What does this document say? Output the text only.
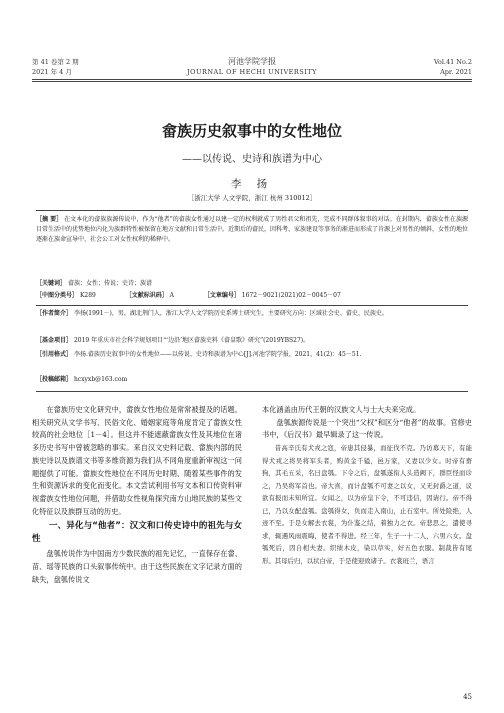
第 41 卷第 2 期
2021 年 4 月
河池学院学报
JOURNAL OF HECHI UNIVERSITY
Vol.41 No.2
Apr. 2021
畲族历史叙事中的女性地位
——以传说、史诗和族谱为中心
李 扬
［浙江大学 人文学院，浙江 杭州 310012］
［摘 要］ 在文本化的畲族族源传说中，作为“他者”的畲族女性通过以建一定的权利就成了男性君父和祖先，完成不同群体叙事的对话。在封期内，畲族女性在族源目常生活中的优势地位内化为族群特性被保留在地方文献和日常生活中。近期后的畲民，因科考、家族建设等事务的渐进而形成了肯源上对男性的倾斜，女性的地位逐渐在族命宣导中、社会公工对女性权利的稀释中。
［关键词］ 畲族；女性；传说；史诗；族谱
［中图分类号］ K289	［文献标识码］ A	［文章编号］ 1672－9021(2021)02－0045－07
［作者简介］ 李扬(1991－)，男，湖北荆门人，浙江大学人文学院历史系博士研究生，主要研究方向：区域社会史、畲史、民族史。
［基金项目］ 2019 年重庆市社会科学规划项目“‘边沿’地区畲族史料《畲皇歌》研究”(2019YBS27)。
［引用格式］ 李扬.畲族历史叙事中的女性地位——以传说、史诗和族谱为中心[J].河池学院学报，2021，41(2)：45－51.
［投稿邮箱］ hcxyxb@163.com

在畲族历史文化研究中，畲族女性地位是常常被提及的话题。相关研究从文学书写、民俗文化、婚姻家庭等角度肯定了畲族女性较高的社会地位［1－4］。但这并不能遮蔽畲族女性及其地位在诸多历史书写中曾被忽略的事实。来自汉文史料记载、畲族内部的民族史诗以及族谱文书等多维资源为我们从不同角度重新审视这一问题提供了可能。畲族女性地位在不同历史时期、随着某些事件的发生和资源诉求的变化而变化。本文尝试利用书写文本和口传资料审视畲族女性地位问题，并借助女性视角探究南方山地民族的某些文化特征以及族群互动的历史。

一、异化与“他者”：汉文和口传史诗中的祖先与女性

盘瓠传说作为中国南方少数民族的祖先记忆，一直保存在畲、苗、瑶等民族的口头叙事传统中。由于这些民族在文字记录方面的缺失，盘瓠传说文

本化涵盖由历代王朝的汉族文人与士大夫来完成。

盘瓠族源传说是一个突出“父权”和区分“他者”的故事。官修史书中，《后汉书》最早辑录了这一传说。

昔高辛氏有犬戎之寇，帝患其侵暴，而征伐不克。乃访募天下，有能得犬戎之将吴将军头者，购黄金千镒，邑万家，又妻以少女。时帝有畜狗，其毛五采，名曰盘瓠。下令之后，盘瓠遂衔人头造阙下，群臣怪而诊之，乃吴将军首也。帝大喜，而计盘瓠不可妻之以女，又无封爵之道，议欲有报而未知所宜。女闻之，以为帝皇下令，不可违信，因请行。帝不得已，乃以女配盘瓠。盘瓠得女，负而走入南山，止石室中。所处险绝，人迹不至。于是女解去衣裳，为仆鉴之结，着独力之衣。帝悲思之，遣使寻求，辄遇风雨震晦，使者不得进。经三年，生子一十二人，六男六女。盘瓠死后，因自相夫妻。织绩木皮，染以草实，好五色衣服。制裁皆有尾形。其母后归，以状白帝，于是使迎致诸子。衣裳班兰，语言

45
